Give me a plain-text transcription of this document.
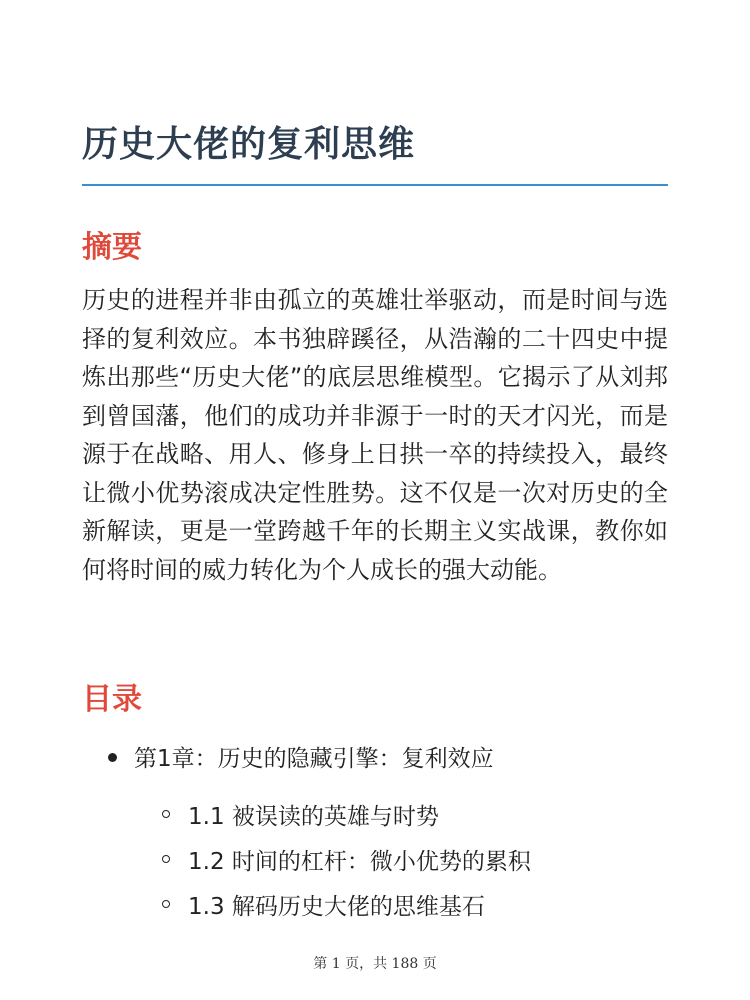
历史大佬的复利思维
摘要

历史的进程并非由孤立的英雄壮举驱动，而是时间与选择的复利效应。本书独辟蹊径，从浩瀚的二十四史中提炼出那些“历史大佬”的底层思维模型。它揭示了从刘邦到曾国藩，他们的成功并非源于一时的天才闪光，而是源于在战略、用人、修身上日拱一卒的持续投入，最终让微小优势滚成决定性胜势。这不仅是一次对历史的全新解读，更是一堂跨越千年的长期主义实战课，教你如何将时间的威力转化为个人成长的强大动能。

目录
第1章：历史的隐藏引擎：复利效应
1.1 被误读的英雄与时势
1.2 时间的杠杆：微小优势的累积
1.3 解码历史大佬的思维基石
第 1 页，共 188 页
